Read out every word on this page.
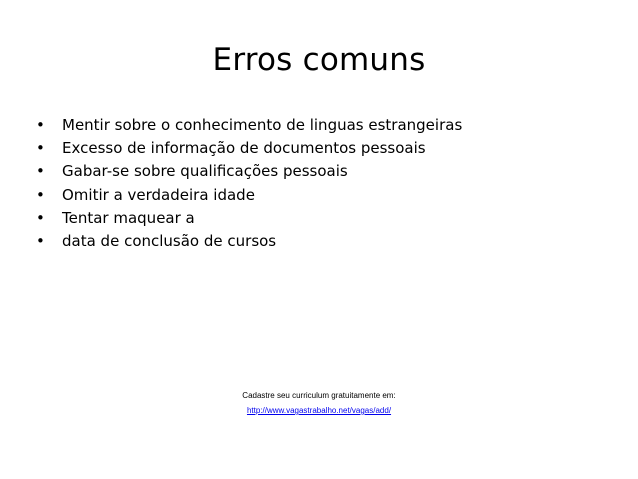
Erros comuns
• Mentir sobre o conhecimento de linguas estrangeiras
• Excesso de informação de documentos pessoais
• Gabar-se sobre qualificações pessoais
• Omitir a verdadeira idade
• Tentar maquear a
• data de conclusão de cursos
Cadastre seu curriculum gratuitamente em:
http://www.vagastrabalho.net/vagas/add/
